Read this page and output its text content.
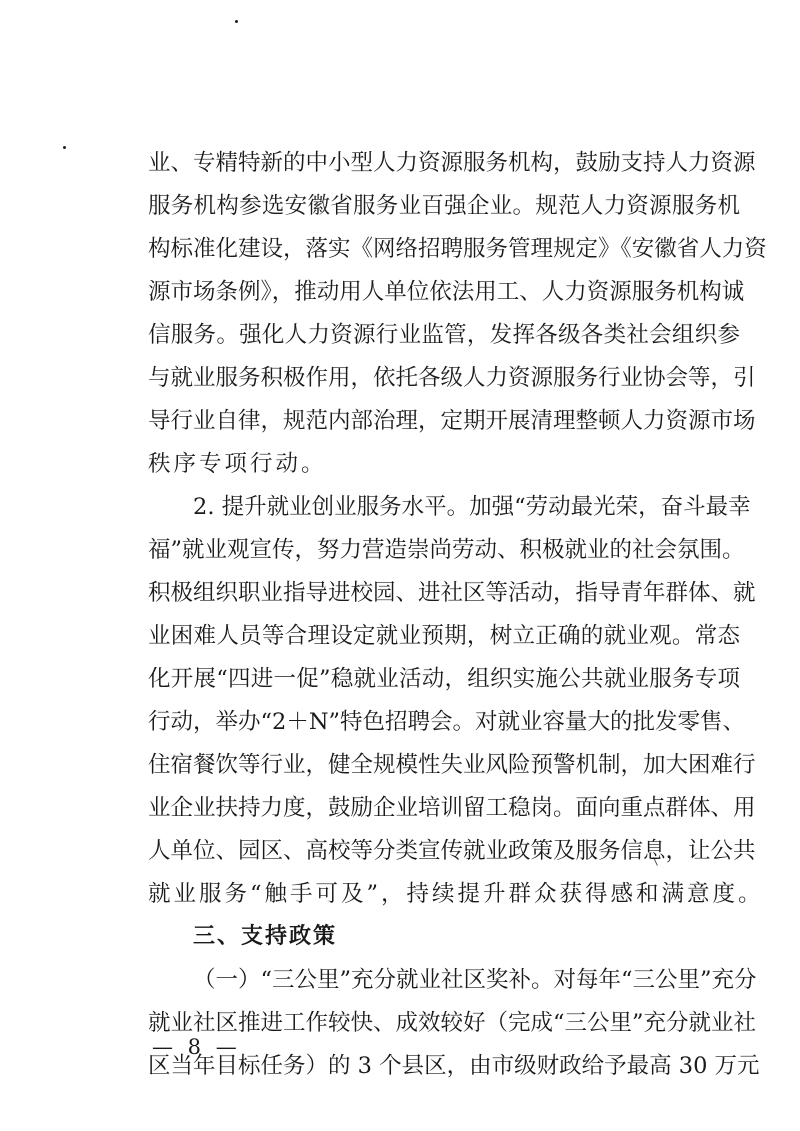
业、专精特新的中小型人力资源服务机构，鼓励支持人力资源
服务机构参选安徽省服务业百强企业。规范人力资源服务机
构标准化建设，落实《网络招聘服务管理规定》《安徽省人力资
源市场条例》，推动用人单位依法用工、人力资源服务机构诚
信服务。强化人力资源行业监管，发挥各级各类社会组织参
与就业服务积极作用，依托各级人力资源服务行业协会等，引
导行业自律，规范内部治理，定期开展清理整顿人力资源市场
秩序专项行动。
2. 提升就业创业服务水平。加强“劳动最光荣，奋斗最幸
福”就业观宣传，努力营造崇尚劳动、积极就业的社会氛围。
积极组织职业指导进校园、进社区等活动，指导青年群体、就
业困难人员等合理设定就业预期，树立正确的就业观。常态
化开展“四进一促”稳就业活动，组织实施公共就业服务专项
行动，举办“2＋N”特色招聘会。对就业容量大的批发零售、
住宿餐饮等行业，健全规模性失业风险预警机制，加大困难行
业企业扶持力度，鼓励企业培训留工稳岗。面向重点群体、用
人单位、园区、高校等分类宣传就业政策及服务信息，让公共
就业服务“触手可及”，持续提升群众获得感和满意度。
三、支持政策
（一）“三公里”充分就业社区奖补。对每年“三公里”充分
就业社区推进工作较快、成效较好（完成“三公里”充分就业社
区当年目标任务）的 3 个县区，由市级财政给予最高 30 万元
— 8 —
